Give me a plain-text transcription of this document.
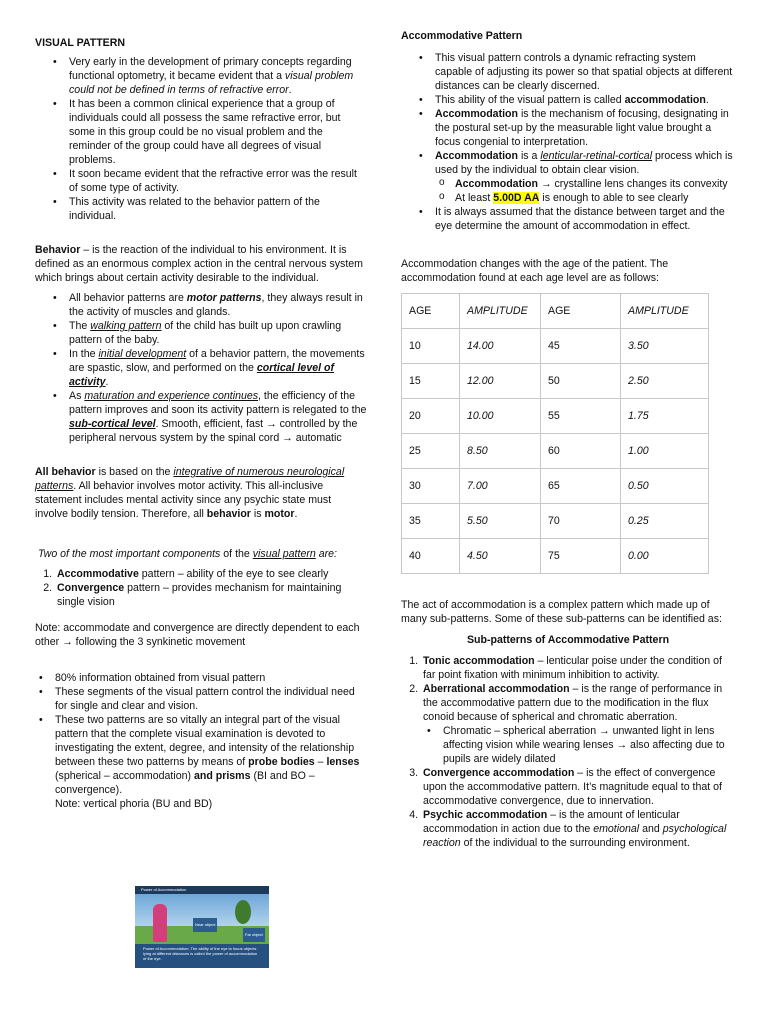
VISUAL PATTERN

• Very early in the development of primary concepts regarding functional optometry, it became evident that a visual problem could not be defined in terms of refractive error.
• It has been a common clinical experience that a group of individuals could all possess the same refractive error, but some in this group could be no visual problem and the reminder of the group could have all degrees of visual problems.
• It soon became evident that the refractive error was the result of some type of activity.
• This activity was related to the behavior pattern of the individual.

Behavior – is the reaction of the individual to his environment. It is defined as an enormous complex action in the central nervous system which brings about certain activity desirable to the individual.

• All behavior patterns are motor patterns, they always result in the activity of muscles and glands.
• The walking pattern of the child has built up upon crawling pattern of the baby.
• In the initial development of a behavior pattern, the movements are spastic, slow, and performed on the cortical level of activity.
• As maturation and experience continues, the efficiency of the pattern improves and soon its activity pattern is relegated to the sub-cortical level. Smooth, efficient, fast → controlled by the peripheral nervous system by the spinal cord → automatic

All behavior is based on the integrative of numerous neurological patterns. All behavior involves motor activity. This all-inclusive statement includes mental activity since any psychic state must involve bodily tension. Therefore, all behavior is motor.

Two of the most important components of the visual pattern are:

1. Accommodative pattern – ability of the eye to see clearly
2. Convergence pattern – provides mechanism for maintaining single vision

Note: accommodate and convergence are directly dependent to each other → following the 3 synkinetic movement

• 80% information obtained from visual pattern
• These segments of the visual pattern control the individual need for single and clear and vision.
• These two patterns are so vitally an integral part of the visual pattern that the complete visual examination is devoted to investigating the extent, degree, and intensity of the relationship between these two patterns by means of probe bodies – lenses (spherical – accommodation) and prisms (BI and BO – convergence).
Note: vertical phoria (BU and BD)
Power of Accommodation
Near object
Far object
Power of Accommodation: The ability of the eye to focus objects lying at different distances is called the power of accommodation of the eye.

Accommodative Pattern

• This visual pattern controls a dynamic refracting system capable of adjusting its power so that spatial objects at different distances can be clearly discerned.
• This ability of the visual pattern is called accommodation.
• Accommodation is the mechanism of focusing, designating in the postural set-up by the measurable light value brought a focus congenial to interpretation.
• Accommodation is a lenticular-retinal-cortical process which is used by the individual to obtain clear vision.
o Accommodation → crystalline lens changes its convexity
o At least 5.00D AA is enough to able to see clearly
• It is always assumed that the distance between target and the eye determine the amount of accommodation in effect.

Accommodation changes with the age of the patient. The accommodation found at each age level are as follows:

AGE	AMPLITUDE	AGE	AMPLITUDE
10	14.00	45	3.50
15	12.00	50	2.50
20	10.00	55	1.75
25	8.50	60	1.00
30	7.00	65	0.50
35	5.50	70	0.25
40	4.50	75	0.00

The act of accommodation is a complex pattern which made up of many sub-patterns. Some of these sub-patterns can be identified as:

Sub-patterns of Accommodative Pattern

1. Tonic accommodation – lenticular poise under the condition of far point fixation with minimum inhibition to activity.
2. Aberrational accommodation – is the range of performance in the accommodative pattern due to the modification in the flux conoid because of spherical and chromatic aberration.
• Chromatic – spherical aberration → unwanted light in lens affecting vision while wearing lenses → also affecting due to pupils are widely dilated
3. Convergence accommodation – is the effect of convergence upon the accommodative pattern. It’s magnitude equal to that of accommodative convergence, due to innervation.
4. Psychic accommodation – is the amount of lenticular accommodation in action due to the emotional and psychological reaction of the individual to the surrounding environment.
